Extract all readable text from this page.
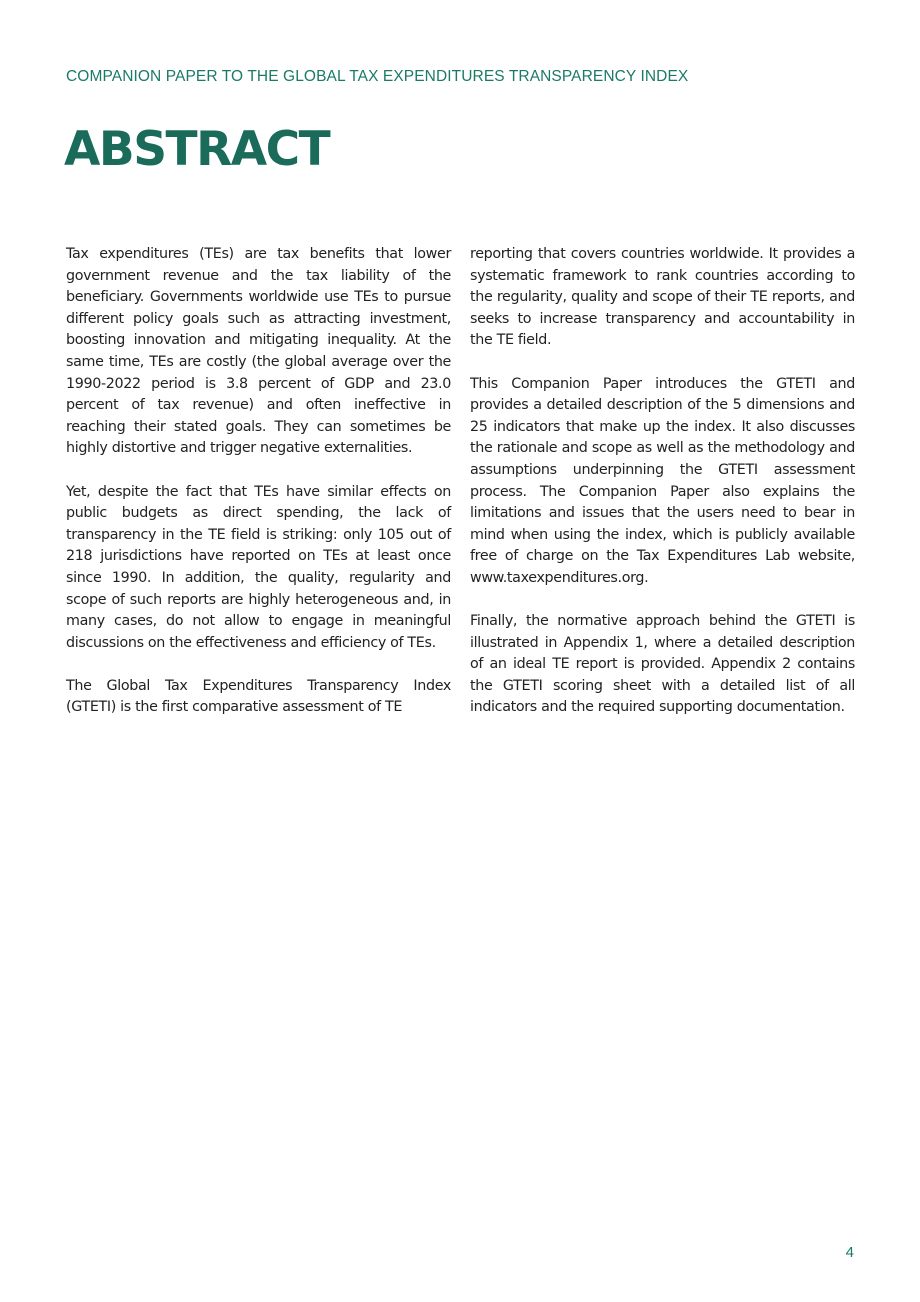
COMPANION PAPER TO THE GLOBAL TAX EXPENDITURES TRANSPARENCY INDEX
ABSTRACT

Tax expenditures (TEs) are tax benefits that lower government revenue and the tax liability of the beneficiary. Governments worldwide use TEs to pursue different policy goals such as attracting investment, boosting innovation and mitigating inequality. At the same time, TEs are costly (the global average over the 1990-2022 period is 3.8 percent of GDP and 23.0 percent of tax revenue) and often ineffective in reaching their stated goals. They can sometimes be highly distortive and trigger negative externalities.

Yet, despite the fact that TEs have similar effects on public budgets as direct spending, the lack of transparency in the TE field is striking: only 105 out of 218 jurisdictions have reported on TEs at least once since 1990. In addition, the quality, regularity and scope of such reports are highly heterogeneous and, in many cases, do not allow to engage in meaningful discussions on the effectiveness and efficiency of TEs.

The Global Tax Expenditures Transparency Index (GTETI) is the first comparative assessment of TE

reporting that covers countries worldwide. It provides a systematic framework to rank countries according to the regularity, quality and scope of their TE reports, and seeks to increase transparency and accountability in the TE field.

This Companion Paper introduces the GTETI and provides a detailed description of the 5 dimensions and 25 indicators that make up the index. It also discusses the rationale and scope as well as the methodology and assumptions underpinning the GTETI assessment process. The Companion Paper also explains the limitations and issues that the users need to bear in mind when using the index, which is publicly available free of charge on the Tax Expenditures Lab website, www.taxexpenditures.org.

Finally, the normative approach behind the GTETI is illustrated in Appendix 1, where a detailed description of an ideal TE report is provided. Appendix 2 contains the GTETI scoring sheet with a detailed list of all indicators and the required supporting documentation.

4
